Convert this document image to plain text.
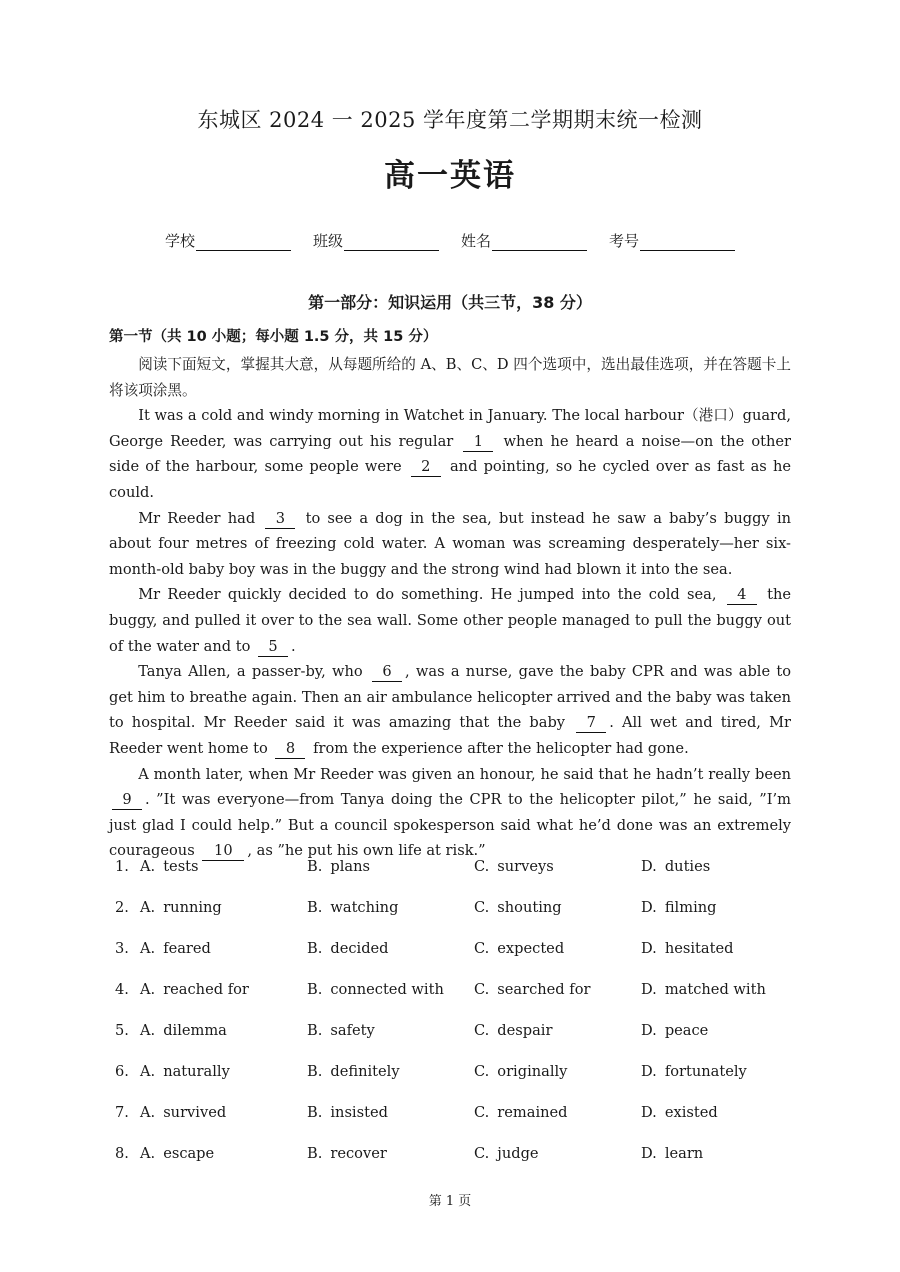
东城区 2024 一 2025 学年度第二学期期末统一检测
高一英语
学校	班级	姓名	考号
第一部分：知识运用（共三节，38 分）
第一节（共 10 小题；每小题 1.5 分，共 15 分）

阅读下面短文，掌握其大意，从每题所给的 A、B、C、D 四个选项中，选出最佳选项，并在答题卡上将该项涂黑。

It was a cold and windy morning in Watchet in January. The local harbour（港口）guard, George Reeder, was carrying out his regular 1 when he heard a noise—on the other side of the harbour, some people were 2 and pointing, so he cycled over as fast as he could.

Mr Reeder had 3 to see a dog in the sea, but instead he saw a baby’s buggy in about four metres of freezing cold water. A woman was screaming desperately—her six-month-old baby boy was in the buggy and the strong wind had blown it into the sea.

Mr Reeder quickly decided to do something. He jumped into the cold sea, 4 the buggy, and pulled it over to the sea wall. Some other people managed to pull the buggy out of the water and to 5 .

Tanya Allen, a passer-by, who 6 , was a nurse, gave the baby CPR and was able to get him to breathe again. Then an air ambulance helicopter arrived and the baby was taken to hospital. Mr Reeder said it was amazing that the baby 7 . All wet and tired, Mr Reeder went home to 8 from the experience after the helicopter had gone.

A month later, when Mr Reeder was given an honour, he said that he hadn’t really been 9 . ”It was everyone—from Tanya doing the CPR to the helicopter pilot,” he said, ”I’m just glad I could help.” But a council spokesperson said what he’d done was an extremely courageous 10 , as ”he put his own life at risk.”

1. A. tests	B. plans	C. surveys	D. duties
2. A. running	B. watching	C. shouting	D. filming
3. A. feared	B. decided	C. expected	D. hesitated
4. A. reached for	B. connected with	C. searched for	D. matched with
5. A. dilemma	B. safety	C. despair	D. peace
6. A. naturally	B. definitely	C. originally	D. fortunately
7. A. survived	B. insisted	C. remained	D. existed
8. A. escape	B. recover	C. judge	D. learn
第 1 页
